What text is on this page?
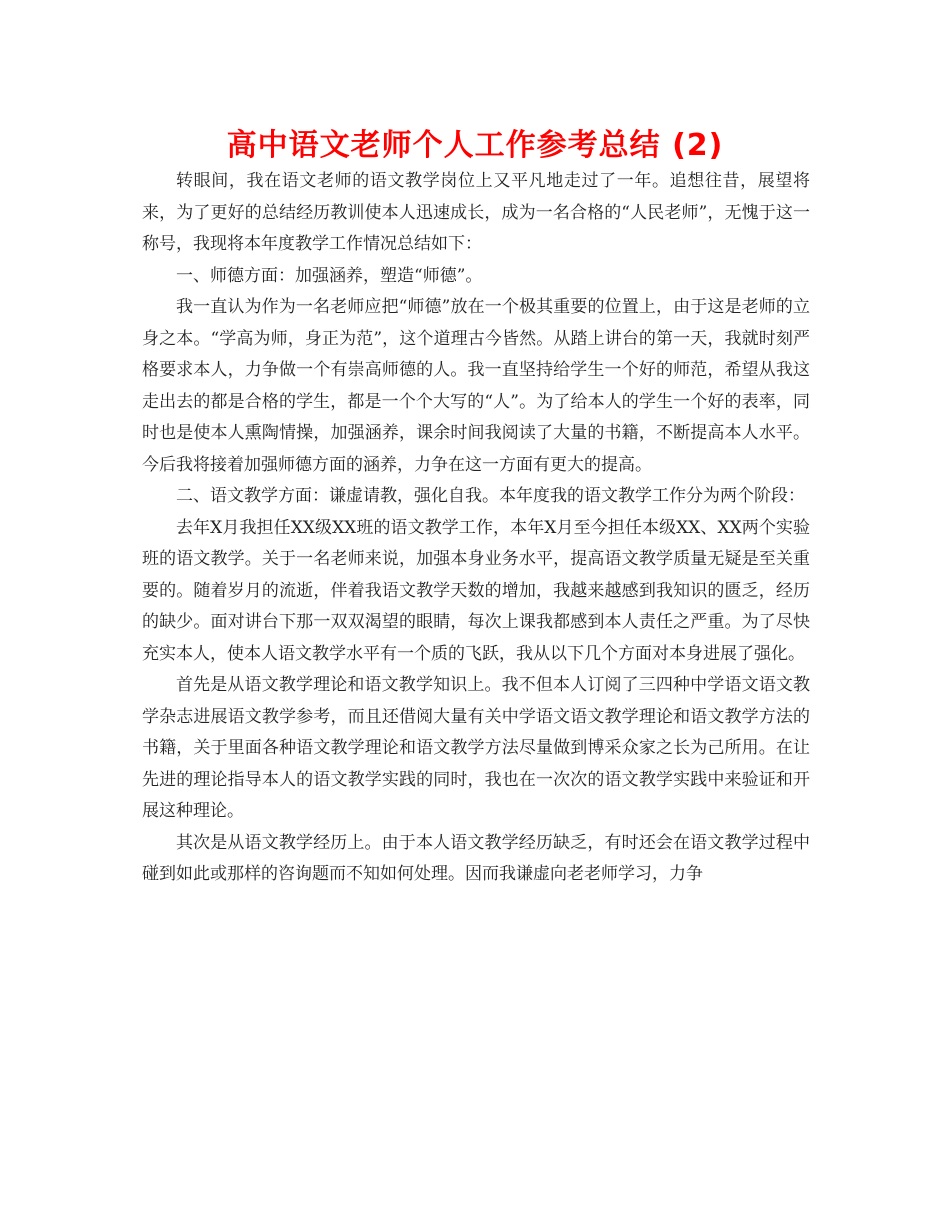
高中语文老师个人工作参考总结 (2)

转眼间，我在语文老师的语文教学岗位上又平凡地走过了一年。追想往昔，展望将来，为了更好的总结经历教训使本人迅速成长，成为一名合格的“人民老师”，无愧于这一称号，我现将本年度教学工作情况总结如下：

一、师德方面：加强涵养，塑造“师德”。

我一直认为作为一名老师应把“师德”放在一个极其重要的位置上，由于这是老师的立身之本。“学高为师，身正为范”，这个道理古今皆然。从踏上讲台的第一天，我就时刻严格要求本人，力争做一个有崇高师德的人。我一直坚持给学生一个好的师范，希望从我这走出去的都是合格的学生，都是一个个大写的“人”。为了给本人的学生一个好的表率，同时也是使本人熏陶情操，加强涵养，课余时间我阅读了大量的书籍，不断提高本人水平。今后我将接着加强师德方面的涵养，力争在这一方面有更大的提高。

二、语文教学方面：谦虚请教，强化自我。本年度我的语文教学工作分为两个阶段：

去年X月我担任XX级XX班的语文教学工作，本年X月至今担任本级XX、XX两个实验班的语文教学。关于一名老师来说，加强本身业务水平，提高语文教学质量无疑是至关重要的。随着岁月的流逝，伴着我语文教学天数的增加，我越来越感到我知识的匮乏，经历的缺少。面对讲台下那一双双渴望的眼睛，每次上课我都感到本人责任之严重。为了尽快充实本人，使本人语文教学水平有一个质的飞跃，我从以下几个方面对本身进展了强化。

首先是从语文教学理论和语文教学知识上。我不但本人订阅了三四种中学语文语文教学杂志进展语文教学参考，而且还借阅大量有关中学语文语文教学理论和语文教学方法的书籍，关于里面各种语文教学理论和语文教学方法尽量做到博采众家之长为己所用。在让先进的理论指导本人的语文教学实践的同时，我也在一次次的语文教学实践中来验证和开展这种理论。

其次是从语文教学经历上。由于本人语文教学经历缺乏，有时还会在语文教学过程中碰到如此或那样的咨询题而不知如何处理。因而我谦虚向老老师学习，力争
